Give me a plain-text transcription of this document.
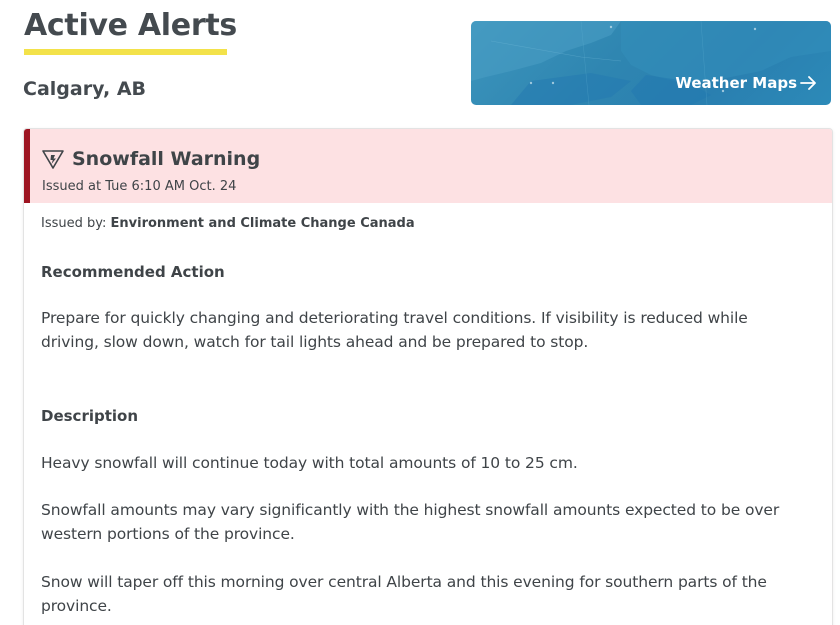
Active Alerts
Calgary, AB	Weather Maps
Snowfall Warning
Issued at Tue 6:10 AM Oct. 24
Issued by: Environment and Climate Change Canada
Recommended Action
Prepare for quickly changing and deteriorating travel conditions. If visibility is reduced while
driving, slow down, watch for tail lights ahead and be prepared to stop.
Description
Heavy snowfall will continue today with total amounts of 10 to 25 cm.
Snowfall amounts may vary significantly with the highest snowfall amounts expected to be over
western portions of the province.
Snow will taper off this morning over central Alberta and this evening for southern parts of the
province.
